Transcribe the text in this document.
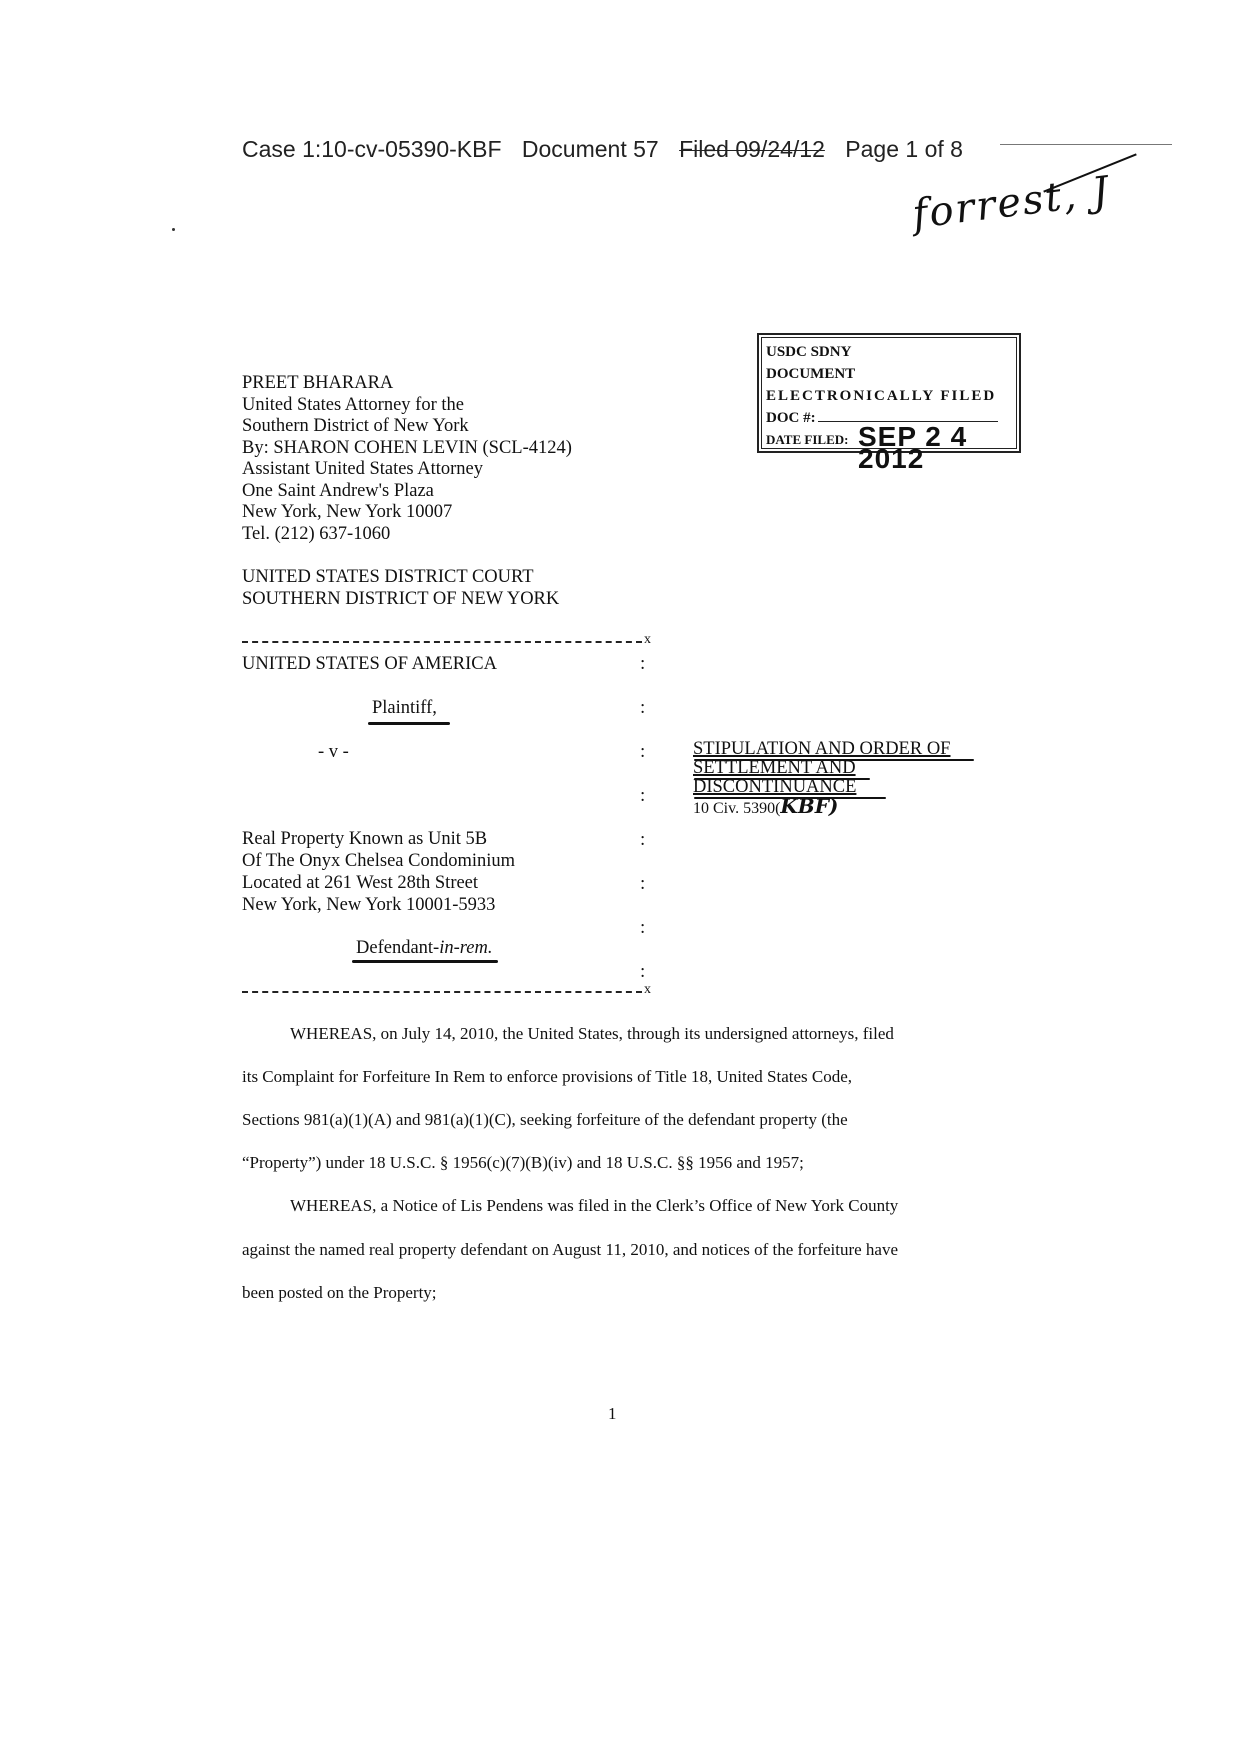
Case 1:10-cv-05390-KBF Document 57 Filed 09/24/12 Page 1 of 8
forrest, J
USDC SDNY
DOCUMENT
ELECTRONICALLY FILED
DOC #:
DATE FILED: SEP 2 4 2012
PREET BHARARA
United States Attorney for the
Southern District of New York
By: SHARON COHEN LEVIN (SCL-4124)
Assistant United States Attorney
One Saint Andrew's Plaza
New York, New York 10007
Tel. (212) 637-1060
UNITED STATES DISTRICT COURT
SOUTHERN DISTRICT OF NEW YORK
x
UNITED STATES OF AMERICA
Plaintiff,
- v -
Real Property Known as Unit 5B
Of The Onyx Chelsea Condominium
Located at 261 West 28th Street
New York, New York 10001-5933
Defendant-in-rem.
x
:
:
:
:
:
:
:
:
STIPULATION AND ORDER OF
SETTLEMENT AND
DISCONTINUANCE
10 Civ. 5390(KBF)
WHEREAS, on July 14, 2010, the United States, through its undersigned attorneys, filed
its Complaint for Forfeiture In Rem to enforce provisions of Title 18, United States Code,
Sections 981(a)(1)(A) and 981(a)(1)(C), seeking forfeiture of the defendant property (the
“Property”) under 18 U.S.C. § 1956(c)(7)(B)(iv) and 18 U.S.C. §§ 1956 and 1957;
WHEREAS, a Notice of Lis Pendens was filed in the Clerk’s Office of New York County
against the named real property defendant on August 11, 2010, and notices of the forfeiture have
been posted on the Property;
1
